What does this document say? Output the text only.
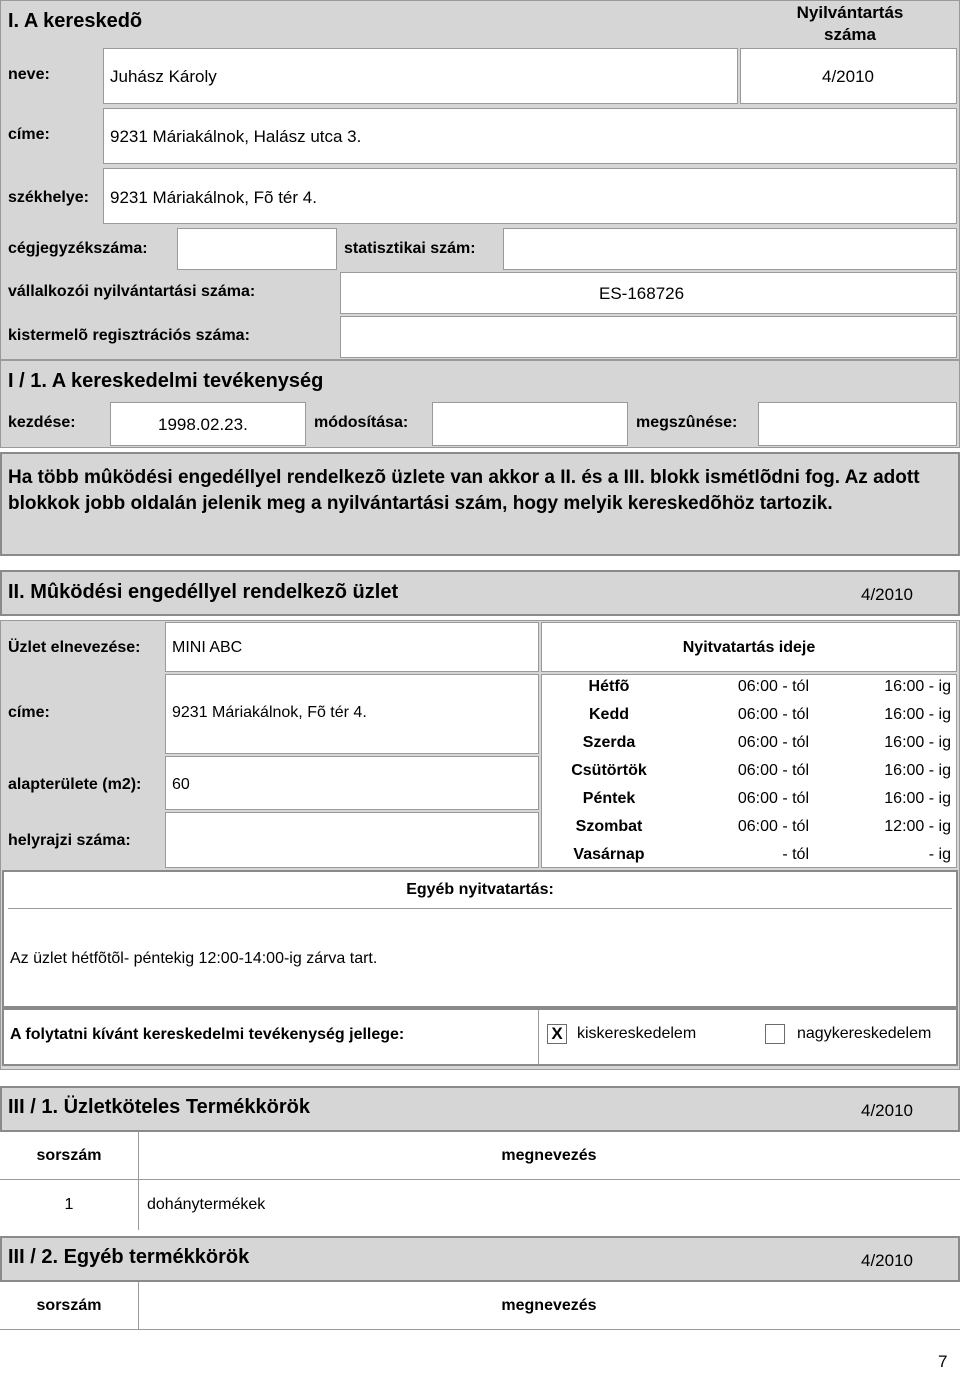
I. A kereskedõ	Nyilvántartás száma
neve:	Juhász Károly	4/2010
címe:	9231 Máriakálnok, Halász utca 3.
székhelye: 9231 Máriakálnok, Fõ tér 4.
cégjegyzékszáma:	statisztikai szám:
vállalkozói nyilvántartási száma:	ES-168726
kistermelõ regisztrációs száma:
I / 1. A kereskedelmi tevékenység
kezdése:	1998.02.23.	módosítása:	megszûnése:
Ha több mûködési engedéllyel rendelkezõ üzlete van akkor a II. és a III. blokk ismétlõdni fog. Az adott blokkok jobb oldalán jelenik meg a nyilvántartási szám, hogy melyik kereskedõhöz tartozik.
II. Mûködési engedéllyel rendelkezõ üzlet	4/2010
Üzlet elnevezése: MINI ABC	Nyitvatartás ideje
címe:	9231 Máriakálnok, Fõ tér 4.
alapterülete (m2): 60
helyrajzi száma:
Hétfõ	06:00 - tól	16:00 - ig
Kedd	06:00 - tól	16:00 - ig
Szerda	06:00 - tól	16:00 - ig
Csütörtök	06:00 - tól	16:00 - ig
Péntek	06:00 - tól	16:00 - ig
Szombat	06:00 - tól	12:00 - ig
Vasárnap	- tól	- ig
Egyéb nyitvatartás:
Az üzlet hétfõtõl- péntekig 12:00-14:00-ig zárva tart.
A folytatni kívánt kereskedelmi tevékenység jellege:	X kiskereskedelem	nagykereskedelem
III / 1. Üzletköteles Termékkörök	4/2010
sorszám	megnevezés
1	dohánytermékek
III / 2. Egyéb termékkörök	4/2010
sorszám	megnevezés
7
